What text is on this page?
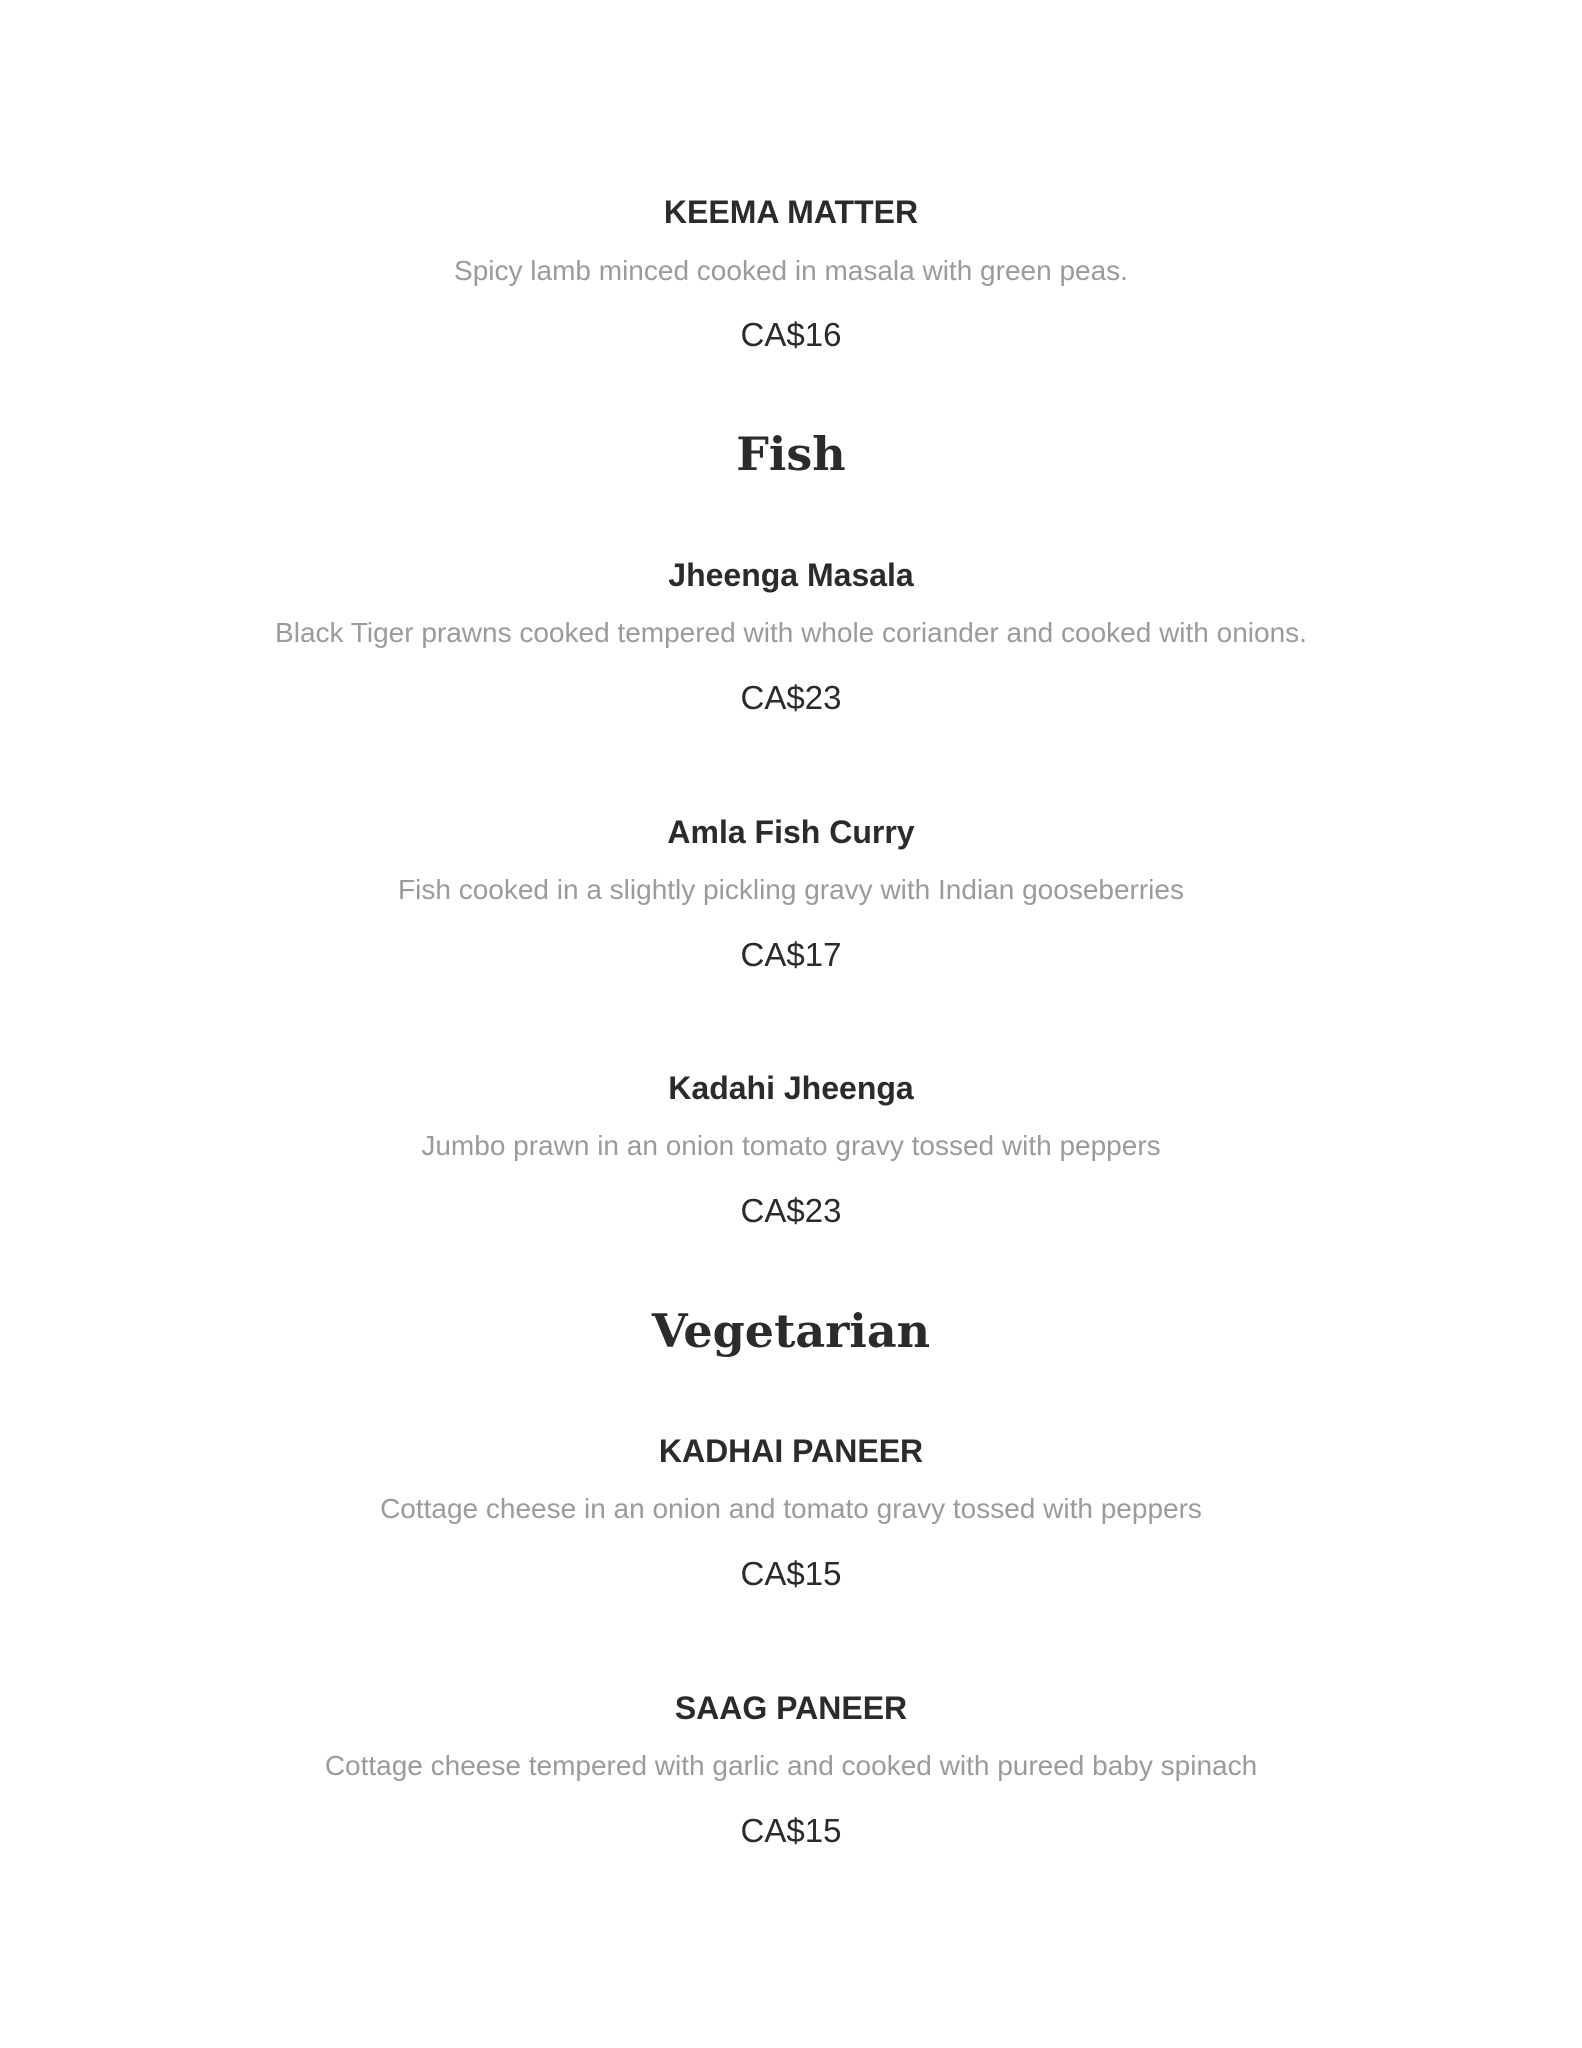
KEEMA MATTER
Spicy lamb minced cooked in masala with green peas.
CA$16
Fish
Jheenga Masala
Black Tiger prawns cooked tempered with whole coriander and cooked with onions.
CA$23
Amla Fish Curry
Fish cooked in a slightly pickling gravy with Indian gooseberries
CA$17
Kadahi Jheenga
Jumbo prawn in an onion tomato gravy tossed with peppers
CA$23
Vegetarian
KADHAI PANEER
Cottage cheese in an onion and tomato gravy tossed with peppers
CA$15
SAAG PANEER
Cottage cheese tempered with garlic and cooked with pureed baby spinach
CA$15
